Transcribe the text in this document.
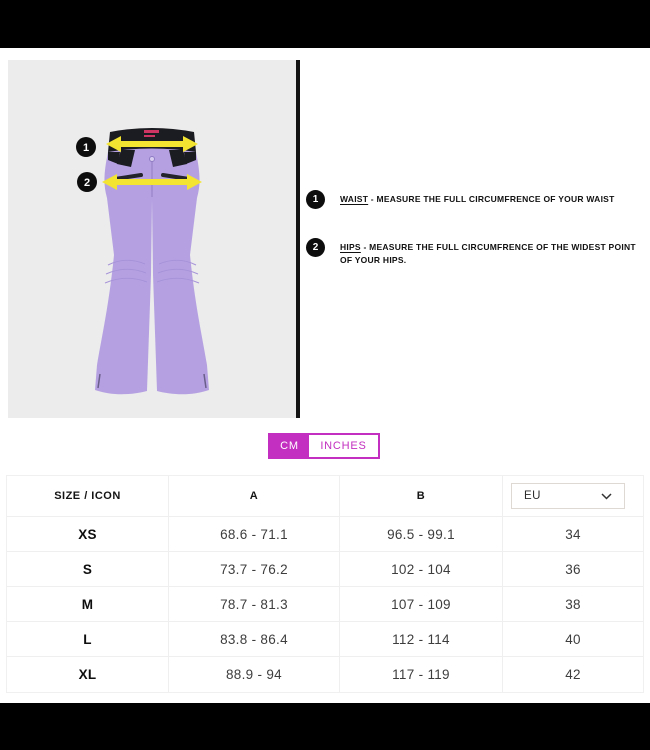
1
2
1	WAIST - MEASURE THE FULL CIRCUMFRENCE OF YOUR WAIST
2	HIPS - MEASURE THE FULL CIRCUMFRENCE OF THE WIDEST POINT OF YOUR HIPS.
CM	INCHES
SIZE / ICON	A	B	EU
XS	68.6 - 71.1	96.5 - 99.1	34
S	73.7 - 76.2	102 - 104	36
M	78.7 - 81.3	107 - 109	38
L	83.8 - 86.4	112 - 114	40
XL	88.9 - 94	117 - 119	42
